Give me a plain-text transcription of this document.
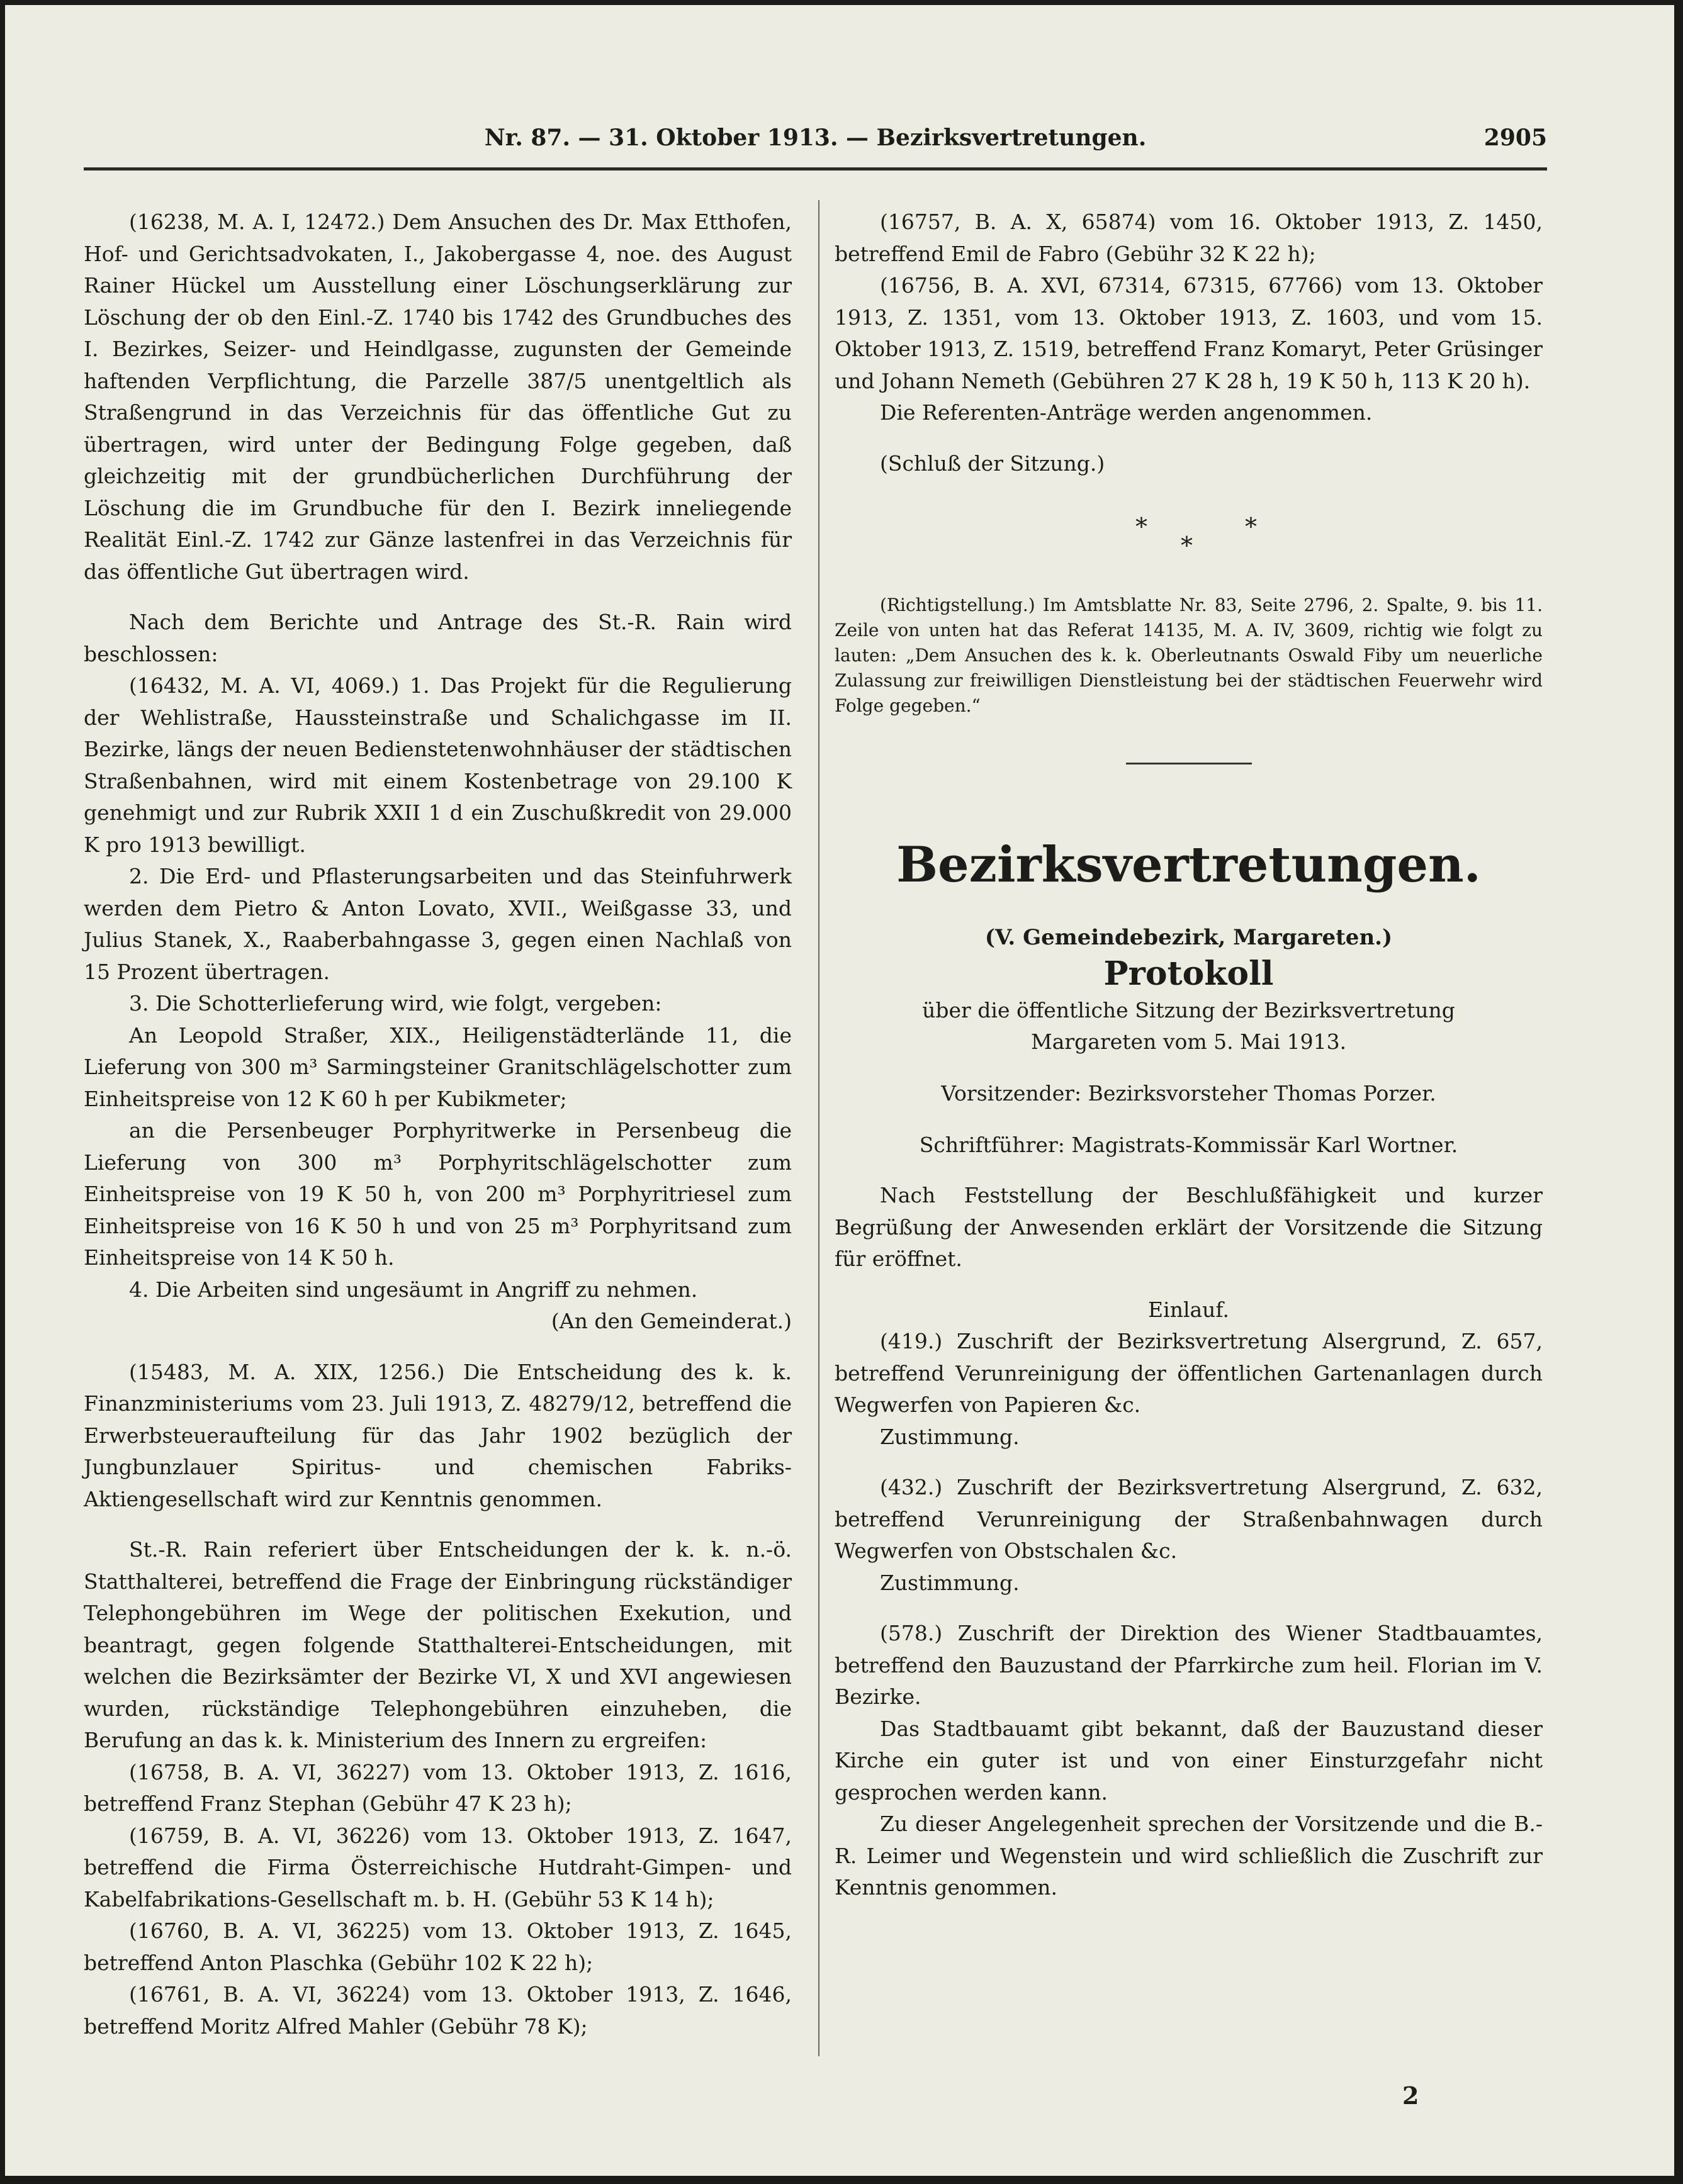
Nr. 87. — 31. Oktober 1913. — Bezirksvertretungen.	2905

(16238, M. A. I, 12472.) Dem Ansuchen des Dr. Max Etthofen, Hof- und Gerichtsadvokaten, I., Jakobergasse 4, noe. des August Rainer Hückel um Ausstellung einer Löschungserklärung zur Löschung der ob den Einl.-Z. 1740 bis 1742 des Grundbuches des I. Bezirkes, Seizer- und Heindlgasse, zugunsten der Gemeinde haftenden Verpflichtung, die Parzelle 387/5 unentgeltlich als Straßengrund in das Verzeichnis für das öffentliche Gut zu übertragen, wird unter der Bedingung Folge gegeben, daß gleichzeitig mit der grundbücherlichen Durchführung der Löschung die im Grundbuche für den I. Bezirk inneliegende Realität Einl.-Z. 1742 zur Gänze lastenfrei in das Verzeichnis für das öffentliche Gut übertragen wird.

Nach dem Berichte und Antrage des St.-R. Rain wird beschlossen:

(16432, M. A. VI, 4069.) 1. Das Projekt für die Regulierung der Wehlistraße, Haussteinstraße und Schalichgasse im II. Bezirke, längs der neuen Bedienstetenwohnhäuser der städtischen Straßenbahnen, wird mit einem Kostenbetrage von 29.100 K genehmigt und zur Rubrik XXII 1 d ein Zuschußkredit von 29.000 K pro 1913 bewilligt.

2. Die Erd- und Pflasterungsarbeiten und das Steinfuhrwerk werden dem Pietro & Anton Lovato, XVII., Weißgasse 33, und Julius Stanek, X., Raaberbahngasse 3, gegen einen Nachlaß von 15 Prozent übertragen.

3. Die Schotterlieferung wird, wie folgt, vergeben:

An Leopold Straßer, XIX., Heiligenstädterlände 11, die Lieferung von 300 m³ Sarmingsteiner Granitschlägelschotter zum Einheitspreise von 12 K 60 h per Kubikmeter;

an die Persenbeuger Porphyritwerke in Persenbeug die Lieferung von 300 m³ Porphyritschlägelschotter zum Einheitspreise von 19 K 50 h, von 200 m³ Porphyritriesel zum Einheitspreise von 16 K 50 h und von 25 m³ Porphyritsand zum Einheitspreise von 14 K 50 h.

4. Die Arbeiten sind ungesäumt in Angriff zu nehmen.

(An den Gemeinderat.)

(15483, M. A. XIX, 1256.) Die Entscheidung des k. k. Finanzministeriums vom 23. Juli 1913, Z. 48279/12, betreffend die Erwerbsteueraufteilung für das Jahr 1902 bezüglich der Jungbunzlauer Spiritus- und chemischen Fabriks-Aktiengesellschaft wird zur Kenntnis genommen.

St.-R. Rain referiert über Entscheidungen der k. k. n.-ö. Statthalterei, betreffend die Frage der Einbringung rückständiger Telephongebühren im Wege der politischen Exekution, und beantragt, gegen folgende Statthalterei-Entscheidungen, mit welchen die Bezirksämter der Bezirke VI, X und XVI angewiesen wurden, rückständige Telephongebühren einzuheben, die Berufung an das k. k. Ministerium des Innern zu ergreifen:

(16758, B. A. VI, 36227) vom 13. Oktober 1913, Z. 1616, betreffend Franz Stephan (Gebühr 47 K 23 h);

(16759, B. A. VI, 36226) vom 13. Oktober 1913, Z. 1647, betreffend die Firma Österreichische Hutdraht-Gimpen- und Kabelfabrikations-Gesellschaft m. b. H. (Gebühr 53 K 14 h);

(16760, B. A. VI, 36225) vom 13. Oktober 1913, Z. 1645, betreffend Anton Plaschka (Gebühr 102 K 22 h);

(16761, B. A. VI, 36224) vom 13. Oktober 1913, Z. 1646, betreffend Moritz Alfred Mahler (Gebühr 78 K);

(16757, B. A. X, 65874) vom 16. Oktober 1913, Z. 1450, betreffend Emil de Fabro (Gebühr 32 K 22 h);

(16756, B. A. XVI, 67314, 67315, 67766) vom 13. Oktober 1913, Z. 1351, vom 13. Oktober 1913, Z. 1603, und vom 15. Oktober 1913, Z. 1519, betreffend Franz Komaryt, Peter Grüsinger und Johann Nemeth (Gebühren 27 K 28 h, 19 K 50 h, 113 K 20 h).

Die Referenten-Anträge werden angenommen.

(Schluß der Sitzung.)

*
*
*

(Richtigstellung.) Im Amtsblatte Nr. 83, Seite 2796, 2. Spalte, 9. bis 11. Zeile von unten hat das Referat 14135, M. A. IV, 3609, richtig wie folgt zu lauten: „Dem Ansuchen des k. k. Oberleutnants Oswald Fiby um neuerliche Zulassung zur freiwilligen Dienstleistung bei der städtischen Feuerwehr wird Folge gegeben.“

Bezirksvertretungen.
(V. Gemeindebezirk, Margareten.)
Protokoll
über die öffentliche Sitzung der Bezirksvertretung
Margareten vom 5. Mai 1913.
Vorsitzender: Bezirksvorsteher Thomas Porzer.
Schriftführer: Magistrats-Kommissär Karl Wortner.

Nach Feststellung der Beschlußfähigkeit und kurzer Begrüßung der Anwesenden erklärt der Vorsitzende die Sitzung für eröffnet.

Einlauf.

(419.) Zuschrift der Bezirksvertretung Alsergrund, Z. 657, betreffend Verunreinigung der öffentlichen Gartenanlagen durch Wegwerfen von Papieren &c.

Zustimmung.

(432.) Zuschrift der Bezirksvertretung Alsergrund, Z. 632, betreffend Verunreinigung der Straßenbahnwagen durch Wegwerfen von Obstschalen &c.

Zustimmung.

(578.) Zuschrift der Direktion des Wiener Stadtbauamtes, betreffend den Bauzustand der Pfarrkirche zum heil. Florian im V. Bezirke.

Das Stadtbauamt gibt bekannt, daß der Bauzustand dieser Kirche ein guter ist und von einer Einsturzgefahr nicht gesprochen werden kann.

Zu dieser Angelegenheit sprechen der Vorsitzende und die B.-R. Leimer und Wegenstein und wird schließlich die Zuschrift zur Kenntnis genommen.

2
